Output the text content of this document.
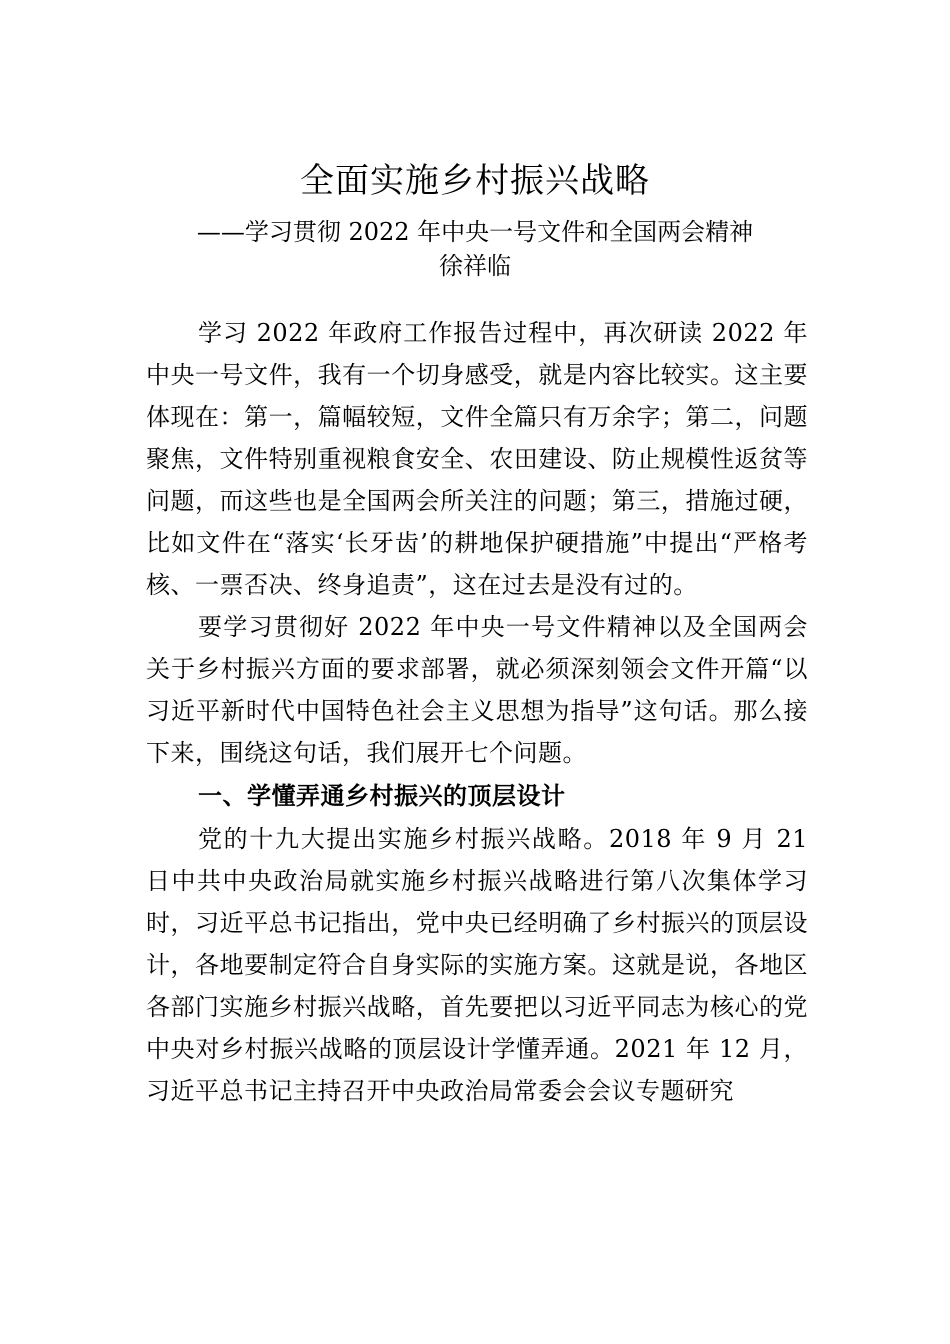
全面实施乡村振兴战略
——学习贯彻 2022 年中央一号文件和全国两会精神
徐祥临

学习 2022 年政府工作报告过程中，再次研读 2022 年中央一号文件，我有一个切身感受，就是内容比较实。这主要体现在：第一，篇幅较短，文件全篇只有万余字；第二，问题聚焦，文件特别重视粮食安全、农田建设、防止规模性返贫等问题，而这些也是全国两会所关注的问题；第三，措施过硬，比如文件在“落实‘长牙齿’的耕地保护硬措施”中提出“严格考核、一票否决、终身追责”，这在过去是没有过的。

要学习贯彻好 2022 年中央一号文件精神以及全国两会关于乡村振兴方面的要求部署，就必须深刻领会文件开篇“以习近平新时代中国特色社会主义思想为指导”这句话。那么接下来，围绕这句话，我们展开七个问题。

一、学懂弄通乡村振兴的顶层设计

党的十九大提出实施乡村振兴战略。2018 年 9 月 21 日中共中央政治局就实施乡村振兴战略进行第八次集体学习时，习近平总书记指出，党中央已经明确了乡村振兴的顶层设计，各地要制定符合自身实际的实施方案。这就是说，各地区各部门实施乡村振兴战略，首先要把以习近平同志为核心的党中央对乡村振兴战略的顶层设计学懂弄通。2021 年 12 月，习近平总书记主持召开中央政治局常委会会议专题研究
